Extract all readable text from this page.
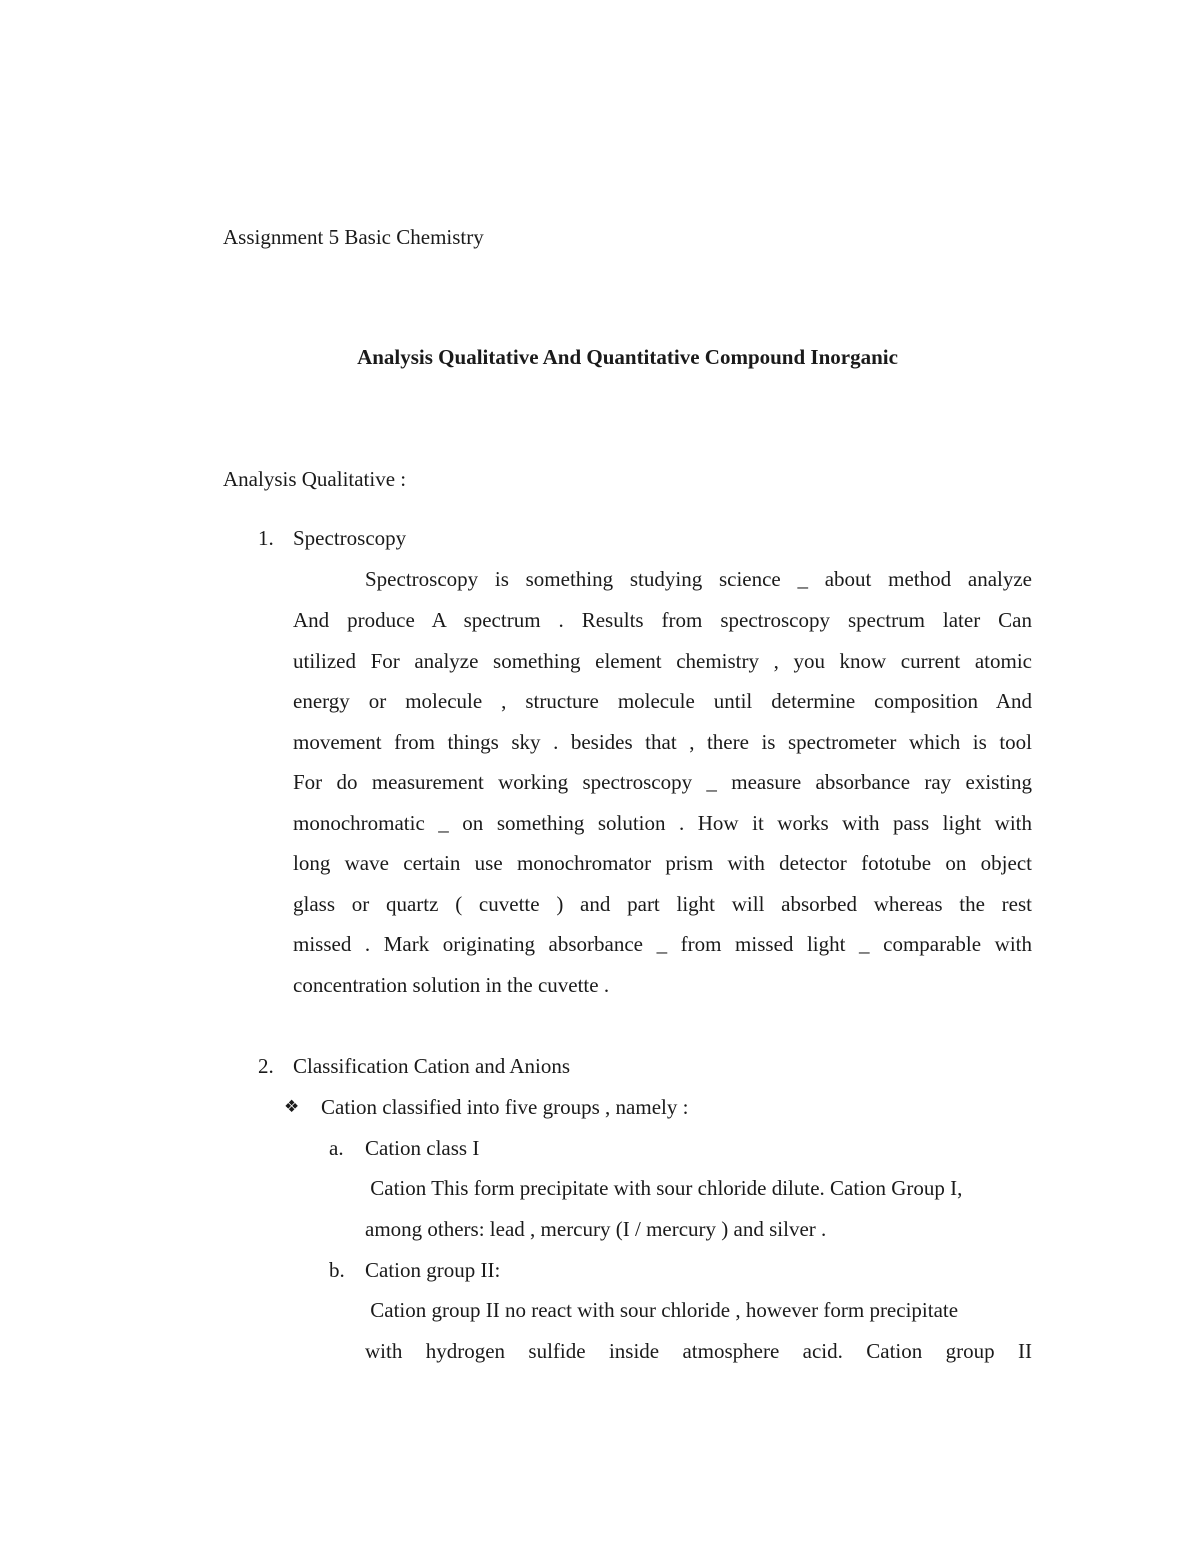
Assignment 5 Basic Chemistry

Analysis Qualitative And Quantitative Compound Inorganic

Analysis Qualitative :

1. Spectroscopy

Spectroscopy is something studying science _ about method analyze

And produce A spectrum . Results from spectroscopy spectrum later Can

utilized For analyze something element chemistry , you know current atomic

energy or molecule , structure molecule until determine composition And

movement from things sky . besides that , there is spectrometer which is tool

For do measurement working spectroscopy _ measure absorbance ray existing

monochromatic _ on something solution . How it works with pass light with

long wave certain use monochromator prism with detector fototube on object

glass or quartz ( cuvette ) and part light will absorbed whereas the rest

missed . Mark originating absorbance _ from missed light _ comparable with

concentration solution in the cuvette .

2. Classification Cation and Anions
❖ Cation classified into five groups , namely :
a. Cation class I

Cation This form precipitate with sour chloride dilute. Cation Group I,

among others: lead , mercury (I / mercury ) and silver .

b. Cation group II:

Cation group II no react with sour chloride , however form precipitate

with hydrogen sulfide inside atmosphere acid. Cation group II
